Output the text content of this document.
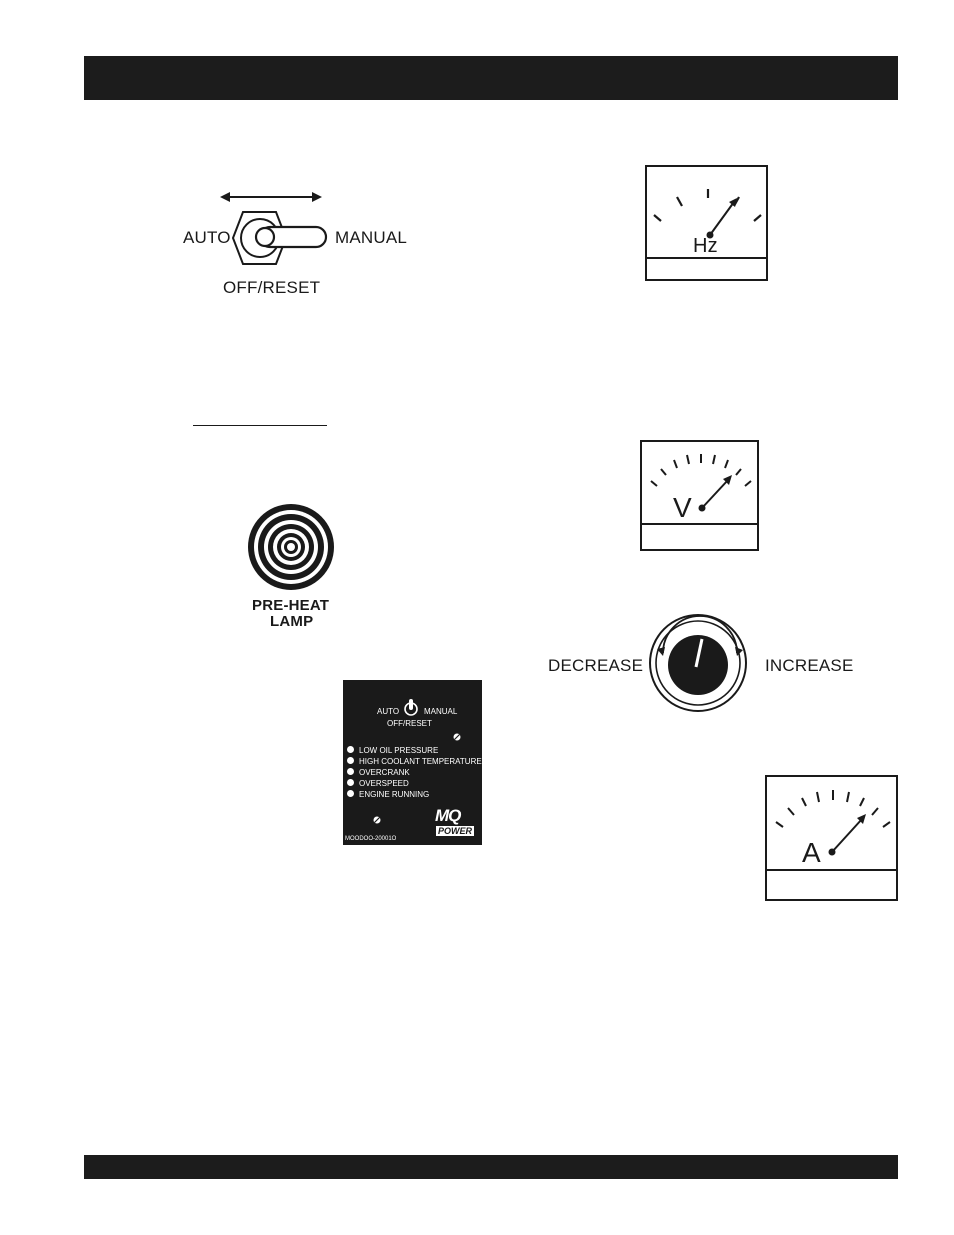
AUTO	MANUAL
OFF/RESET
Hz
V
PRE-HEAT
LAMP
DECREASE	INCREASE
AUTO	MANUAL
OFF/RESET
LOW OIL PRESSURE
HIGH COOLANT TEMPERATURE
OVERCRANK
OVERSPEED
ENGINE RUNNING
MQ
POWER
MOODOO-20001O	A
